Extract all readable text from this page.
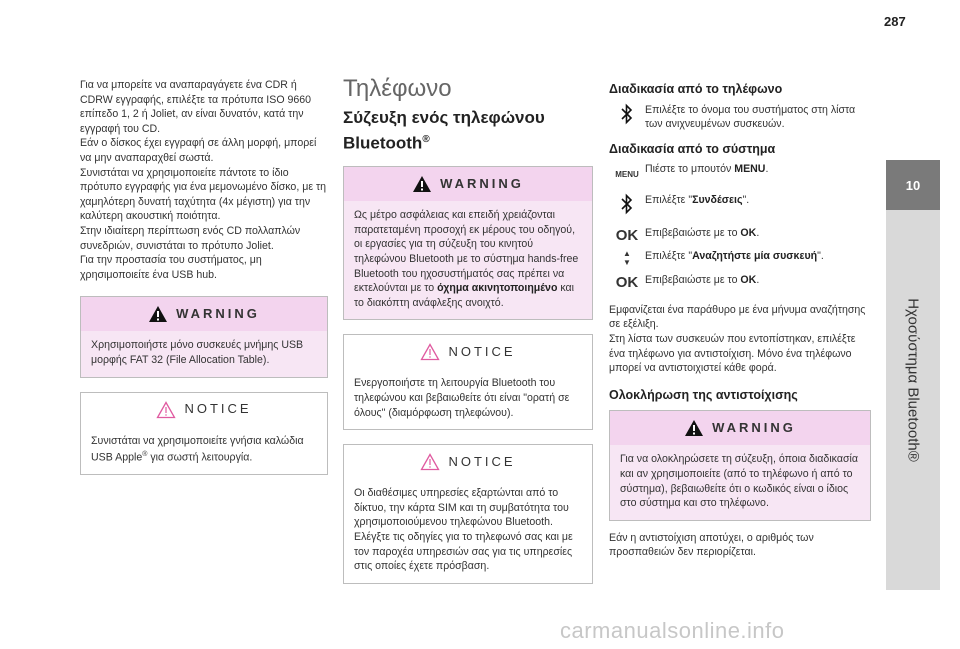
287
10
Ηχοσύστημα Bluetooth®

Για να μπορείτε να αναπαραγάγετε ένα CDR ή CDRW εγγραφής, επιλέξτε τα πρότυπα ISO 9660 επίπεδο 1, 2 ή Joliet, αν είναι δυνατόν, κατά την εγγραφή του CD.

Εάν ο δίσκος έχει εγγραφή σε άλλη μορφή, μπορεί να μην αναπαραχθεί σωστά.

Συνιστάται να χρησιμοποιείτε πάντοτε το ίδιο πρότυπο εγγραφής για ένα μεμονωμένο δίσκο, με τη χαμηλότερη δυνατή ταχύτητα (4x μέγιστη) για την καλύτερη ακουστική ποιότητα.

Στην ιδιαίτερη περίπτωση ενός CD πολλαπλών συνεδριών, συνιστάται το πρότυπο Joliet.

Για την προστασία του συστήματος, μη χρησιμοποιείτε ένα USB hub.

WARNING

Χρησιμοποιήστε μόνο συσκευές μνήμης USB μορφής FAT 32 (File Allocation Table).

NOTICE

Συνιστάται να χρησιμοποιείτε γνήσια καλώδια USB Apple® για σωστή λειτουργία.

Τηλέφωνο
Σύζευξη ενός τηλεφώνου
Bluetooth®
WARNING

Ως μέτρο ασφάλειας και επειδή χρειάζονται παρατεταμένη προσοχή εκ μέρους του οδηγού, οι εργασίες για τη σύζευξη του κινητού τηλεφώνου Bluetooth με το σύστημα hands-free Bluetooth του ηχοσυστήματός σας πρέπει να εκτελούνται με το όχημα ακινητοποιημένο και το διακόπτη ανάφλεξης ανοιχτό.

NOTICE

Ενεργοποιήστε τη λειτουργία Bluetooth του τηλεφώνου και βεβαιωθείτε ότι είναι "ορατή σε όλους" (διαμόρφωση τηλεφώνου).

NOTICE

Οι διαθέσιμες υπηρεσίες εξαρτώνται από το δίκτυο, την κάρτα SIM και τη συμβατότητα του χρησιμοποιούμενου τηλεφώνου Bluetooth.

Ελέγξτε τις οδηγίες για το τηλεφωνό σας και με τον παροχέα υπηρεσιών σας για τις υπηρεσίες στις οποίες έχετε πρόσβαση.

Διαδικασία από το τηλέφωνο
Επιλέξτε το όνομα του συστήματος στη λίστα των ανιχνευμένων συσκευών.
Διαδικασία από το σύστημα
MENU Πιέστε το μπουτόν MENU.
Επιλέξτε "Συνδέσεις".
OK Επιβεβαιώστε με το OK.
▲
▼
Επιλέξτε "Αναζητήστε μία συσκευή".
OK Επιβεβαιώστε με το OK.

Εμφανίζεται ένα παράθυρο με ένα μήνυμα αναζήτησης σε εξέλιξη.

Στη λίστα των συσκευών που εντοπίστηκαν, επιλέξτε ένα τηλέφωνο για αντιστοίχιση. Μόνο ένα τηλέφωνο μπορεί να αντιστοιχιστεί κάθε φορά.

Ολοκλήρωση της αντιστοίχισης
WARNING

Για να ολοκληρώσετε τη σύζευξη, όποια διαδικασία και αν χρησιμοποιείτε (από το τηλέφωνο ή από το σύστημα), βεβαιωθείτε ότι ο κωδικός είναι ο ίδιος στο σύστημα και στο τηλέφωνο.

Εάν η αντιστοίχιση αποτύχει, ο αριθμός των προσπαθειών δεν περιορίζεται.

carmanualsonline.info
